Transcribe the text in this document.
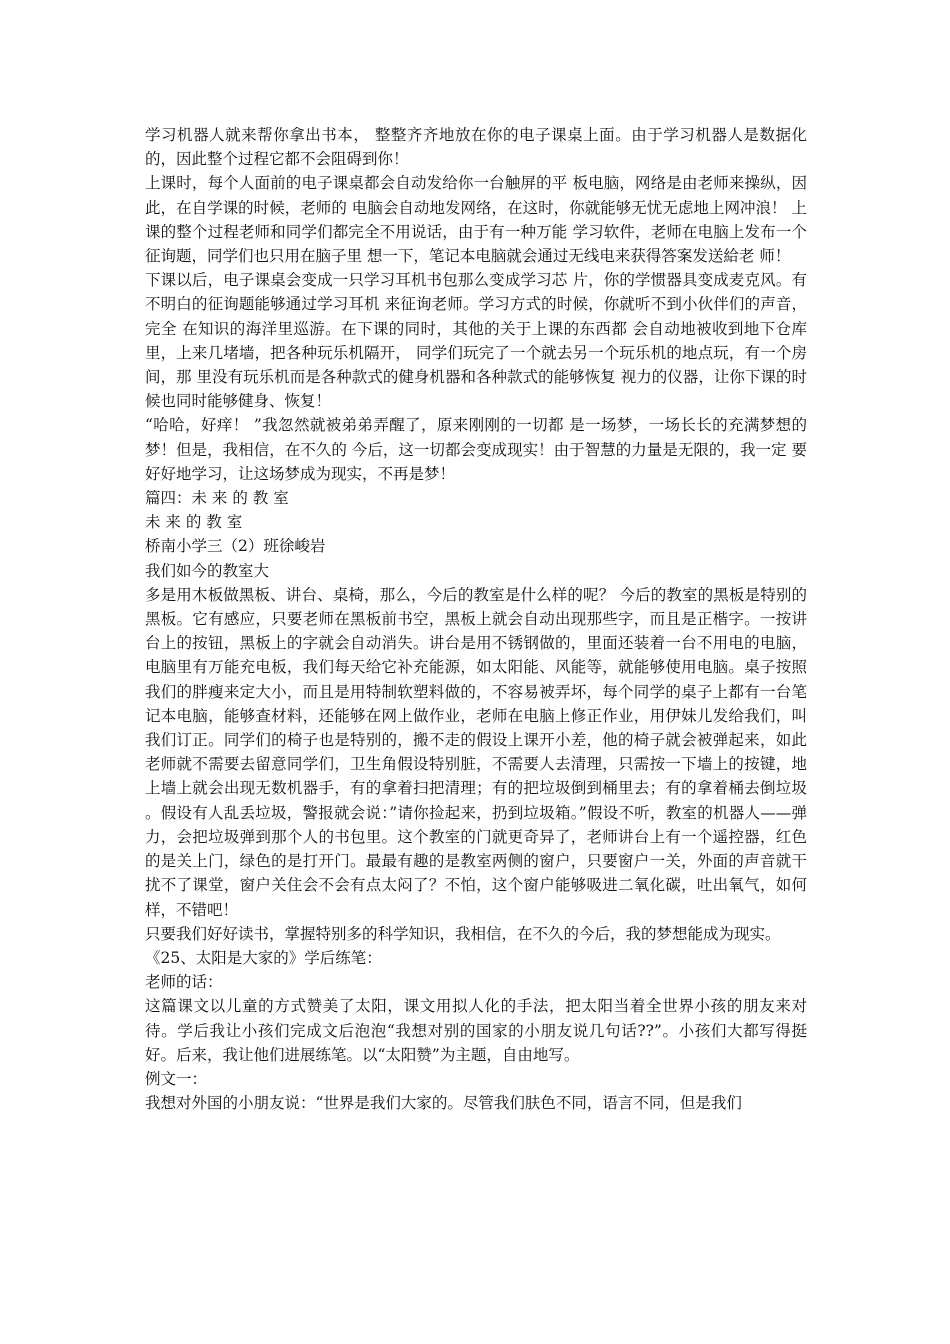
学习机器人就来帮你拿出书本， 整整齐齐地放在你的电子课桌上面。由于学习机器人是数据化 的，因此整个过程它都不会阻碍到你！

上课时，每个人面前的电子课桌都会自动发给你一台触屏的平 板电脑，网络是由老师来操纵，因此，在自学课的时候，老师的 电脑会自动地发网络，在这时，你就能够无忧无虑地上网冲浪！ 上课的整个过程老师和同学们都完全不用说话，由于有一种万能 学习软件，老师在电脑上发布一个征询题，同学们也只用在脑子里 想一下，笔记本电脑就会通过无线电来获得答案发送給老 师！

下课以后，电子课桌会变成一只学习耳机书包那么变成学习芯 片，你的学惯器具变成麦克风。有不明白的征询题能够通过学习耳机 来征询老师。学习方式的时候，你就听不到小伙伴们的声音，完全 在知识的海洋里巡游。在下课的同时，其他的关于上课的东西都 会自动地被收到地下仓库里，上来几堵墙，把各种玩乐机隔开， 同学们玩完了一个就去另一个玩乐机的地点玩，有一个房间，那 里没有玩乐机而是各种款式的健身机器和各种款式的能够恢复 视力的仪器，让你下课的时候也同时能够健身、恢复！

“哈哈，好痒！ ”我忽然就被弟弟弄醒了，原来刚刚的一切都 是一场梦，一场长长的充满梦想的梦！但是，我相信，在不久的 今后，这一切都会变成现实！由于智慧的力量是无限的，我一定 要好好地学习，让这场梦成为现实，不再是梦！

篇四：未 来 的 教 室

未 来 的 教 室

桥南小学三（2）班徐峻岩

我们如今的教室大

多是用木板做黑板、讲台、桌椅，那么，今后的教室是什么样的呢？ 今后的教室的黑板是特别的黑板。它有感应，只要老师在黑板前书空，黑板上就会自动出现那些字，而且是正楷字。一按讲台上的按钮，黑板上的字就会自动消失。讲台是用不锈钢做的，里面还装着一台不用电的电脑，电脑里有万能充电板，我们每天给它补充能源，如太阳能、风能等，就能够使用电脑。桌子按照我们的胖瘦来定大小，而且是用特制软塑料做的，不容易被弄坏，每个同学的桌子上都有一台笔记本电脑，能够查材料，还能够在网上做作业，老师在电脑上修正作业，用伊妹儿发给我们，叫我们订正。同学们的椅子也是特别的，搬不走的假设上课开小差，他的椅子就会被弹起来，如此老师就不需要去留意同学们，卫生角假设特别脏，不需要人去清理，只需按一下墙上的按键，地上墙上就会出现无数机器手，有的拿着扫把清理；有的把垃圾倒到桶里去；有的拿着桶去倒垃圾 。假设有人乱丢垃圾，警报就会说：”请你捡起来，扔到垃圾箱。”假设不听，教室的机器人——弹力，会把垃圾弹到那个人的书包里。这个教室的门就更奇异了，老师讲台上有一个遥控器，红色的是关上门，绿色的是打开门。最最有趣的是教室两侧的窗户，只要窗户一关，外面的声音就干扰不了课堂，窗户关住会不会有点太闷了？不怕，这个窗户能够吸进二氧化碳，吐出氧气，如何样，不错吧！

只要我们好好读书，掌握特别多的科学知识，我相信，在不久的今后，我的梦想能成为现实。

《25、太阳是大家的》学后练笔：

老师的话：

这篇课文以儿童的方式赞美了太阳，课文用拟人化的手法，把太阳当着全世界小孩的朋友来对待。学后我让小孩们完成文后泡泡“我想对别的国家的小朋友说几句话??”。小孩们大都写得挺好。后来，我让他们进展练笔。以“太阳赞”为主题，自由地写。

例文一：

我想对外国的小朋友说：“世界是我们大家的。尽管我们肤色不同，语言不同，但是我们
